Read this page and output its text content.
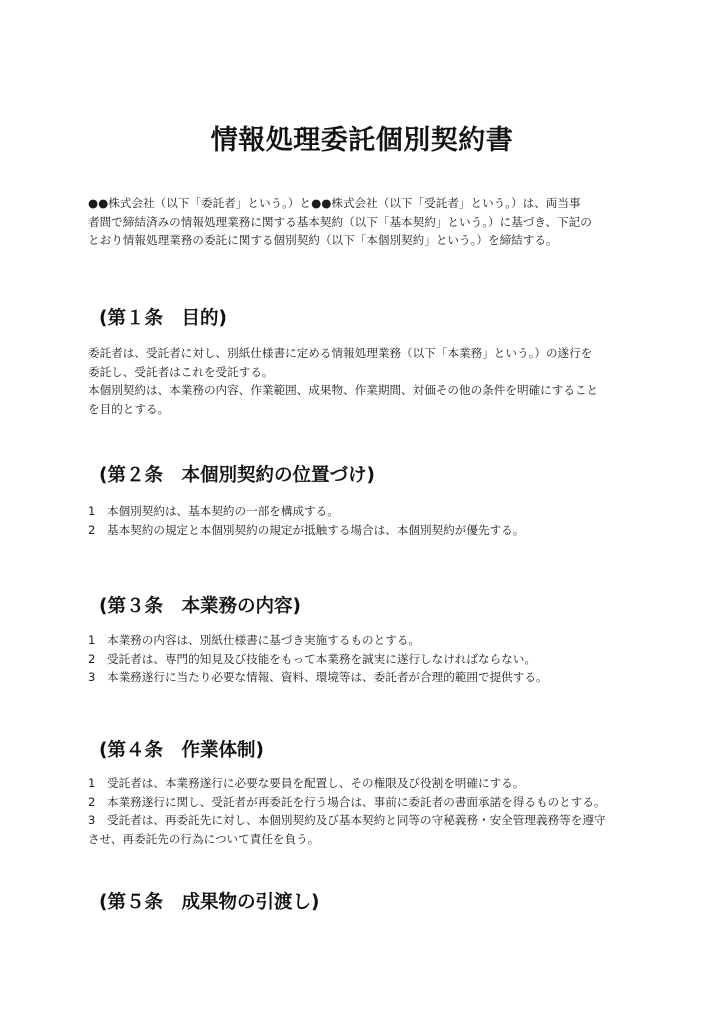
情報処理委託個別契約書

●●株式会社（以下「委託者」という。）と●●株式会社（以下「受託者」という。）は、両当事

者間で締結済みの情報処理業務に関する基本契約（以下「基本契約」という。）に基づき、下記の

とおり情報処理業務の委託に関する個別契約（以下「本個別契約」という。）を締結する。

(第１条　目的)

委託者は、受託者に対し、別紙仕様書に定める情報処理業務（以下「本業務」という。）の遂行を

委託し、受託者はこれを受託する。

本個別契約は、本業務の内容、作業範囲、成果物、作業期間、対価その他の条件を明確にすること

を目的とする。

(第２条　本個別契約の位置づけ)

1　本個別契約は、基本契約の一部を構成する。

2　基本契約の規定と本個別契約の規定が抵触する場合は、本個別契約が優先する。

(第３条　本業務の内容)

1　本業務の内容は、別紙仕様書に基づき実施するものとする。

2　受託者は、専門的知見及び技能をもって本業務を誠実に遂行しなければならない。

3　本業務遂行に当たり必要な情報、資料、環境等は、委託者が合理的範囲で提供する。

(第４条　作業体制)

1　受託者は、本業務遂行に必要な要員を配置し、その権限及び役割を明確にする。

2　本業務遂行に関し、受託者が再委託を行う場合は、事前に委託者の書面承諾を得るものとする。

3　受託者は、再委託先に対し、本個別契約及び基本契約と同等の守秘義務・安全管理義務等を遵守

させ、再委託先の行為について責任を負う。

(第５条　成果物の引渡し)
